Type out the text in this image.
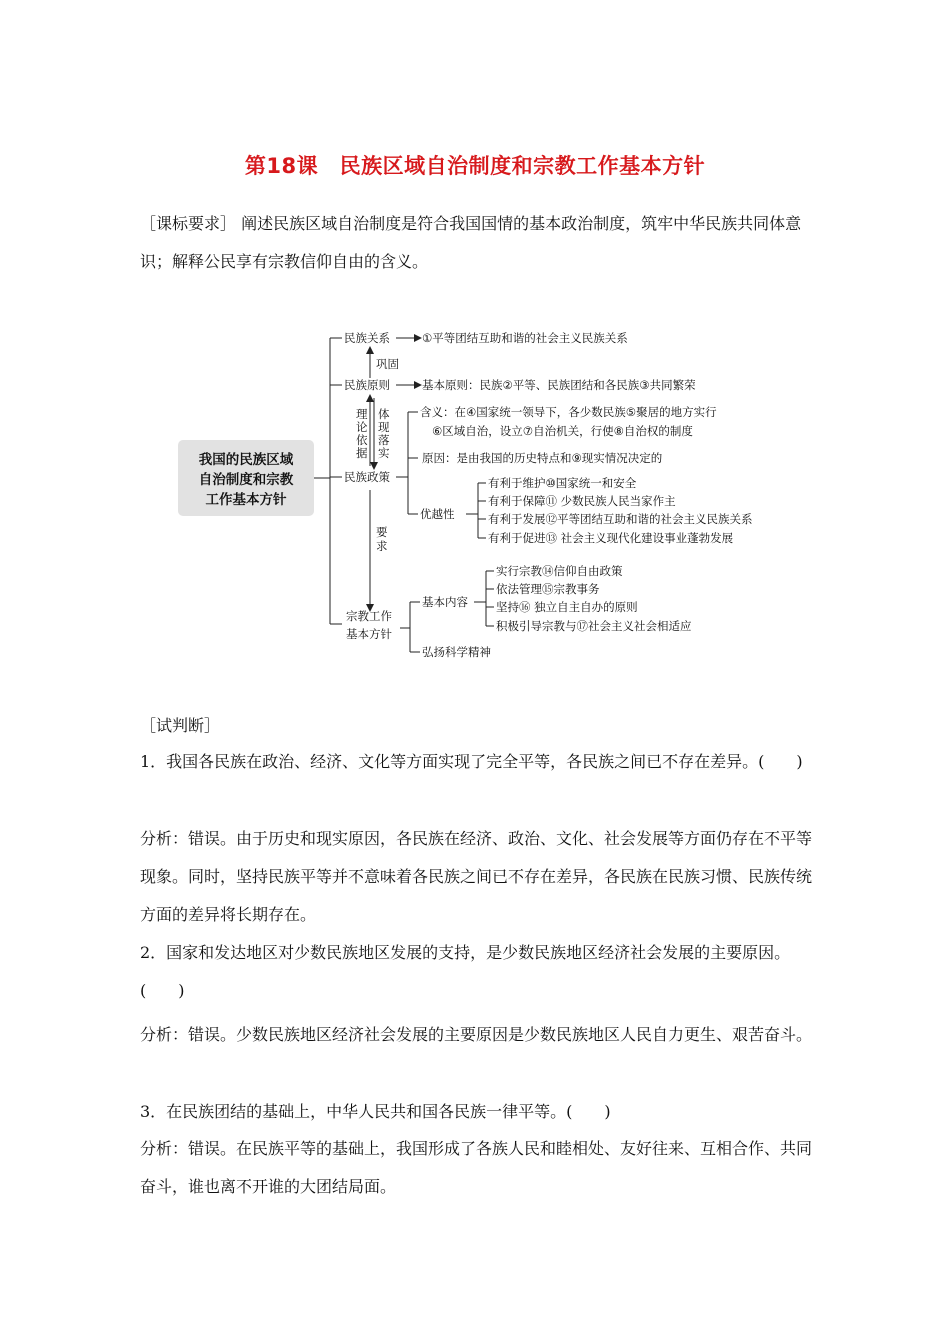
第18课　民族区域自治制度和宗教工作基本方针

［课标要求］ 阐述民族区域自治制度是符合我国国情的基本政治制度，筑牢中华民族共同体意识；解释公民享有宗教信仰自由的含义。

我国的民族区域
自治制度和宗教
工作基本方针
民族关系	①平等团结互助和谐的社会主义民族关系
巩固
民族原则	基本原则：民族②平等、民族团结和各民族③共同繁荣
理
论
依
据
体
现
落
实
民族政策
含义：在④国家统一领导下，各少数民族⑤聚居的地方实行
⑥区域自治，设立⑦自治机关，行使⑧自治权的制度
原因：是由我国的历史特点和⑨现实情况决定的
优越性
有利于维护⑩国家统一和安全
有利于保障⑪ 少数民族人民当家作主
有利于发展⑫平等团结互助和谐的社会主义民族关系
有利于促进⑬ 社会主义现代化建设事业蓬勃发展
要
求
宗教工作
基本方针
基本内容
实行宗教⑭信仰自由政策
依法管理⑮宗教事务
坚持⑯ 独立自主自办的原则
积极引导宗教与⑰社会主义社会相适应
弘扬科学精神
［试判断］

1．我国各民族在政治、经济、文化等方面实现了完全平等，各民族之间已不存在差异。(　　)

分析：错误。由于历史和现实原因，各民族在经济、政治、文化、社会发展等方面仍存在不平等现象。同时，坚持民族平等并不意味着各民族之间已不存在差异，各民族在民族习惯、民族传统方面的差异将长期存在。

2．国家和发达地区对少数民族地区发展的支持，是少数民族地区经济社会发展的主要原因。(　　)

分析：错误。少数民族地区经济社会发展的主要原因是少数民族地区人民自力更生、艰苦奋斗。

3．在民族团结的基础上，中华人民共和国各民族一律平等。(　　)

分析：错误。在民族平等的基础上，我国形成了各族人民和睦相处、友好往来、互相合作、共同奋斗，谁也离不开谁的大团结局面。
